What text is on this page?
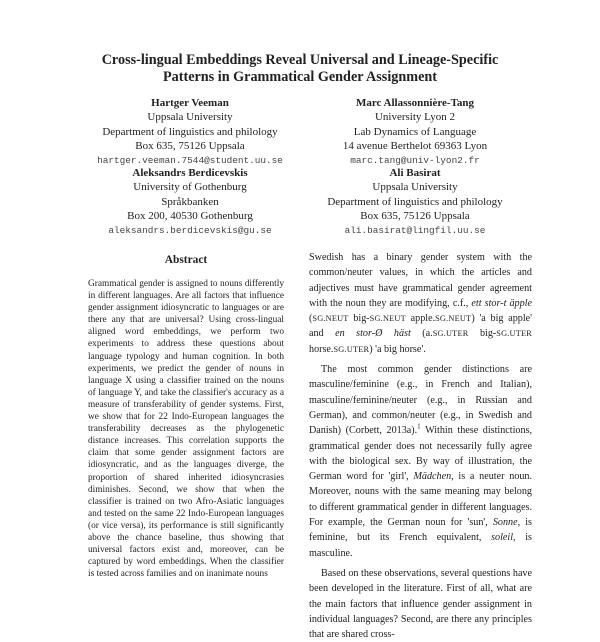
Cross-lingual Embeddings Reveal Universal and Lineage-Specific
Patterns in Grammatical Gender Assignment
Hartger Veeman
Uppsala University
Department of linguistics and philology
Box 635, 75126 Uppsala
hartger.veeman.7544@student.uu.se
Marc Allassonnière-Tang
University Lyon 2
Lab Dynamics of Language
14 avenue Berthelot 69363 Lyon
marc.tang@univ-lyon2.fr
Aleksandrs Berdicevskis
University of Gothenburg
Språkbanken
Box 200, 40530 Gothenburg
aleksandrs.berdicevskis@gu.se
Ali Basirat
Uppsala University
Department of linguistics and philology
Box 635, 75126 Uppsala
ali.basirat@lingfil.uu.se
Abstract

Grammatical gender is assigned to nouns differently in different languages. Are all factors that influence gender assignment idiosyncratic to languages or are there any that are universal? Using cross-lingual aligned word embeddings, we perform two experiments to address these questions about language typology and human cognition. In both experiments, we predict the gender of nouns in language X using a classifier trained on the nouns of language Y, and take the classifier's accuracy as a measure of transferability of gender systems. First, we show that for 22 Indo-European languages the transferability decreases as the phylogenetic distance increases. This correlation supports the claim that some gender assignment factors are idiosyncratic, and as the languages diverge, the proportion of shared inherited idiosyncrasies diminishes. Second, we show that when the classifier is trained on two Afro-Asiatic languages and tested on the same 22 Indo-European languages (or vice versa), its performance is still significantly above the chance baseline, thus showing that universal factors exist and, moreover, can be captured by word embeddings. When the classifier is tested across families and on inanimate nouns

Swedish has a binary gender system with the common/neuter values, in which the articles and adjectives must have grammatical gender agreement with the noun they are modifying, c.f., ett stor-t äpple (SG.NEUT big-SG.NEUT apple.SG.NEUT) 'a big apple' and en stor-Ø häst (a.SG.UTER big-SG.UTER horse.SG.UTER) 'a big horse'.

The most common gender distinctions are masculine/feminine (e.g., in French and Italian), masculine/feminine/neuter (e.g., in Russian and German), and common/neuter (e.g., in Swedish and Danish) (Corbett, 2013a).$^1$ Within these distinctions, grammatical gender does not necessarily fully agree with the biological sex. By way of illustration, the German word for 'girl', Mädchen, is a neuter noun. Moreover, nouns with the same meaning may belong to different grammatical gender in different languages. For example, the German noun for 'sun', Sonne, is feminine, but its French equivalent, soleil, is masculine.

Based on these observations, several questions have been developed in the literature. First of all, what are the main factors that influence gender assignment in individual languages? Second, are there any principles that are shared cross-
